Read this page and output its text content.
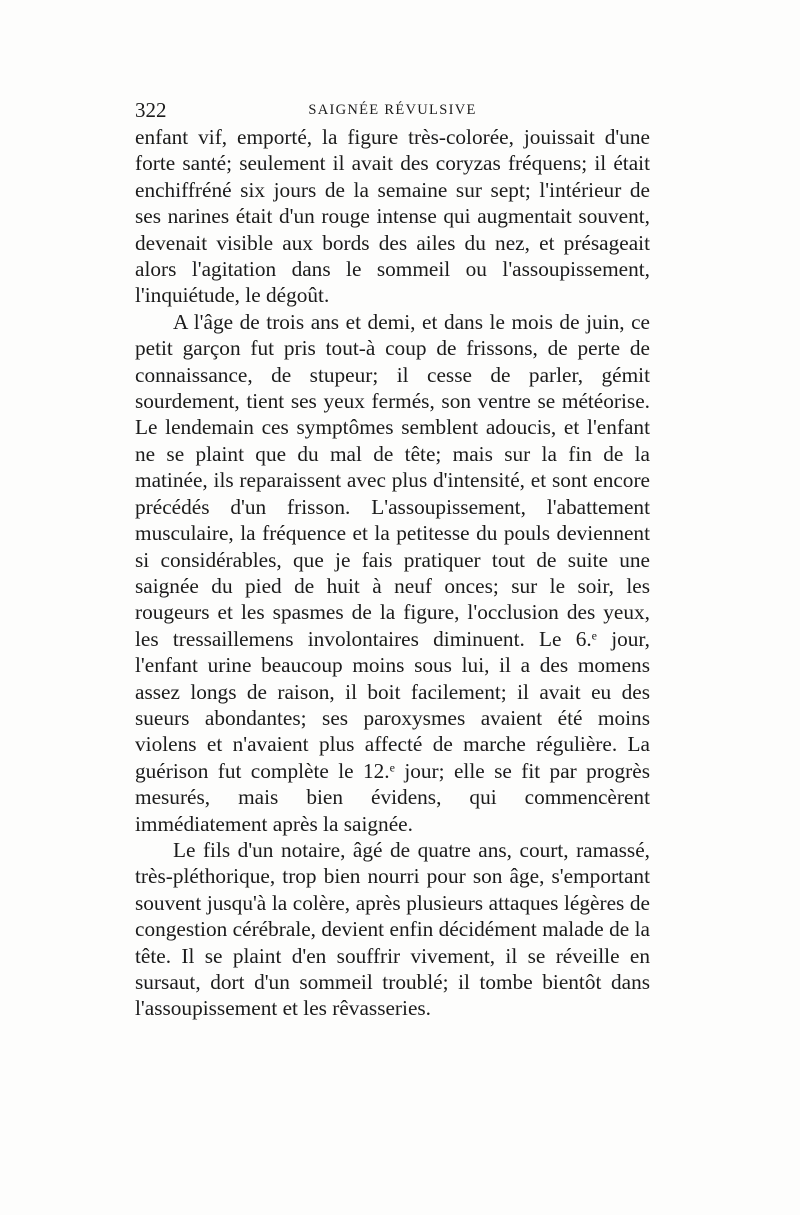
322	SAIGNÉE RÉVULSIVE

enfant vif, emporté, la figure très-colorée, jouissait d'une forte santé; seulement il avait des coryzas fréquens; il était enchiffréné six jours de la semaine sur sept; l'intérieur de ses narines était d'un rouge intense qui augmentait souvent, devenait visible aux bords des ailes du nez, et présageait alors l'agitation dans le sommeil ou l'assoupissement, l'inquiétude, le dégoût.

A l'âge de trois ans et demi, et dans le mois de juin, ce petit garçon fut pris tout-à coup de frissons, de perte de connaissance, de stupeur; il cesse de parler, gémit sourdement, tient ses yeux fermés, son ventre se météorise. Le lendemain ces symptômes semblent adoucis, et l'enfant ne se plaint que du mal de tête; mais sur la fin de la matinée, ils reparaissent avec plus d'intensité, et sont encore précédés d'un frisson. L'assoupissement, l'abattement musculaire, la fréquence et la petitesse du pouls deviennent si considérables, que je fais pratiquer tout de suite une saignée du pied de huit à neuf onces; sur le soir, les rougeurs et les spasmes de la figure, l'occlusion des yeux, les tressaillemens involontaires diminuent. Le 6.$^e$ jour, l'enfant urine beaucoup moins sous lui, il a des momens assez longs de raison, il boit facilement; il avait eu des sueurs abondantes; ses paroxysmes avaient été moins violens et n'avaient plus affecté de marche régulière. La guérison fut complète le 12.$^e$ jour; elle se fit par progrès mesurés, mais bien évidens, qui commencèrent immédiatement après la saignée.

Le fils d'un notaire, âgé de quatre ans, court, ramassé, très-pléthorique, trop bien nourri pour son âge, s'emportant souvent jusqu'à la colère, après plusieurs attaques légères de congestion cérébrale, devient enfin décidément malade de la tête. Il se plaint d'en souffrir vivement, il se réveille en sursaut, dort d'un sommeil troublé; il tombe bientôt dans l'assoupissement et les rêvasseries.
